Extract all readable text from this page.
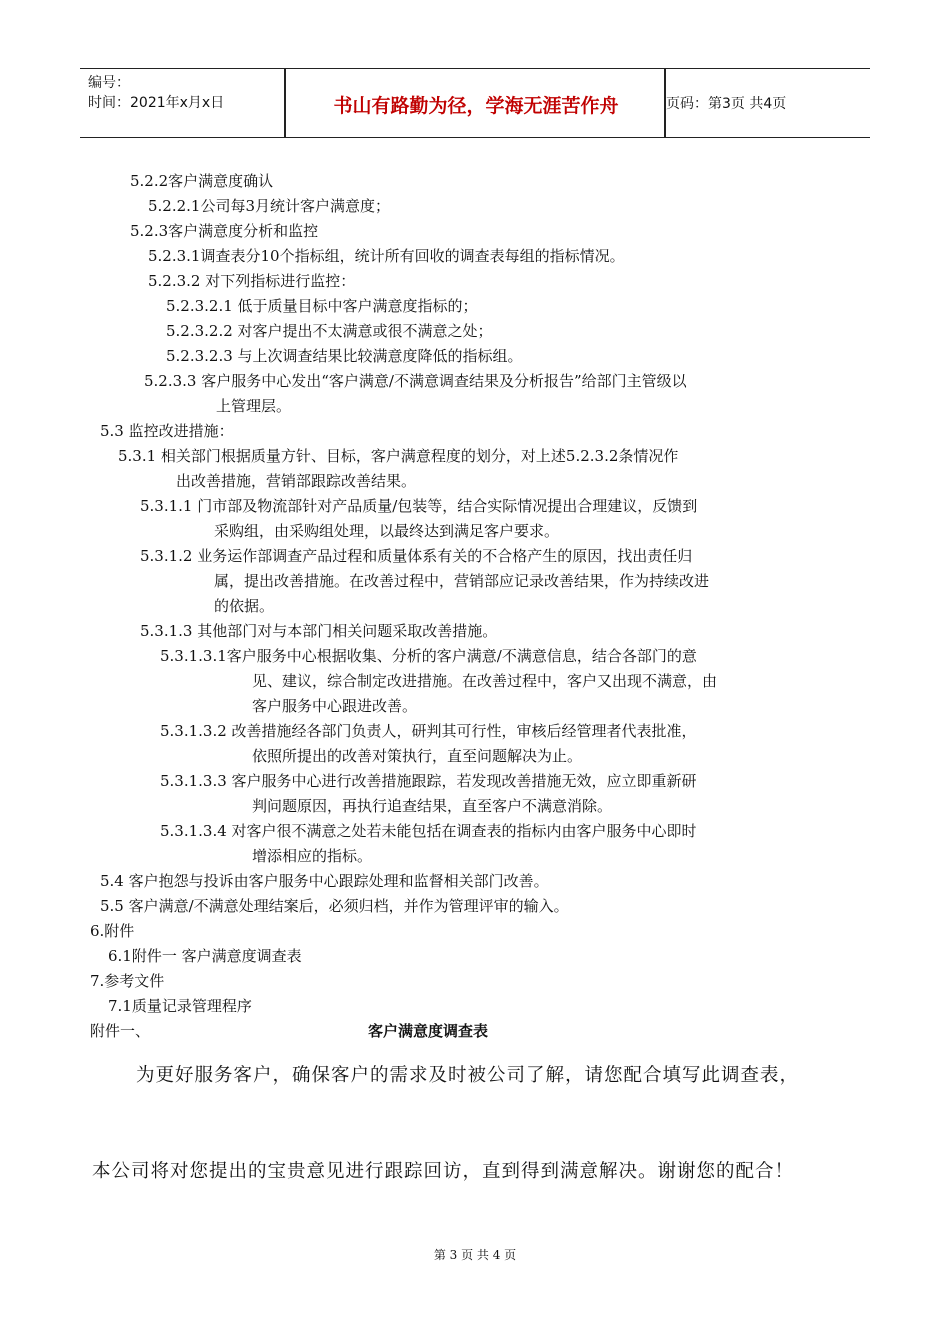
编号：
时间：2021年x月x日	书山有路勤为径，学海无涯苦作舟	页码：第3页 共4页
5.2.2客户满意度确认
5.2.2.1公司每3月统计客户满意度；
5.2.3客户满意度分析和监控
5.2.3.1调查表分10个指标组，统计所有回收的调查表每组的指标情况。
5.2.3.2 对下列指标进行监控：
5.2.3.2.1 低于质量目标中客户满意度指标的；
5.2.3.2.2 对客户提出不太满意或很不满意之处；
5.2.3.2.3 与上次调查结果比较满意度降低的指标组。
5.2.3.3 客户服务中心发出“客户满意/不满意调查结果及分析报告”给部门主管级以
上管理层。
5.3 监控改进措施：
5.3.1 相关部门根据质量方针、目标，客户满意程度的划分，对上述5.2.3.2条情况作
出改善措施，营销部跟踪改善结果。
5.3.1.1 门市部及物流部针对产品质量/包装等，结合实际情况提出合理建议，反馈到
采购组，由采购组处理，以最终达到满足客户要求。
5.3.1.2 业务运作部调查产品过程和质量体系有关的不合格产生的原因，找出责任归
属，提出改善措施。在改善过程中，营销部应记录改善结果，作为持续改进
的依据。
5.3.1.3 其他部门对与本部门相关问题采取改善措施。
5.3.1.3.1客户服务中心根据收集、分析的客户满意/不满意信息，结合各部门的意
见、建议，综合制定改进措施。在改善过程中，客户又出现不满意，由
客户服务中心跟进改善。
5.3.1.3.2 改善措施经各部门负责人，研判其可行性，审核后经管理者代表批准，
依照所提出的改善对策执行，直至问题解决为止。
5.3.1.3.3 客户服务中心进行改善措施跟踪，若发现改善措施无效，应立即重新研
判问题原因，再执行追查结果，直至客户不满意消除。
5.3.1.3.4 对客户很不满意之处若未能包括在调查表的指标内由客户服务中心即时
增添相应的指标。
5.4 客户抱怨与投诉由客户服务中心跟踪处理和监督相关部门改善。
5.5 客户满意/不满意处理结案后，必须归档，并作为管理评审的输入。
6.附件
6.1附件一 客户满意度调查表
7.参考文件
7.1质量记录管理程序
附件一、	客户满意度调查表
为更好服务客户，确保客户的需求及时被公司了解，请您配合填写此调查表，
本公司将对您提出的宝贵意见进行跟踪回访，直到得到满意解决。谢谢您的配合！
第 3 页 共 4 页
